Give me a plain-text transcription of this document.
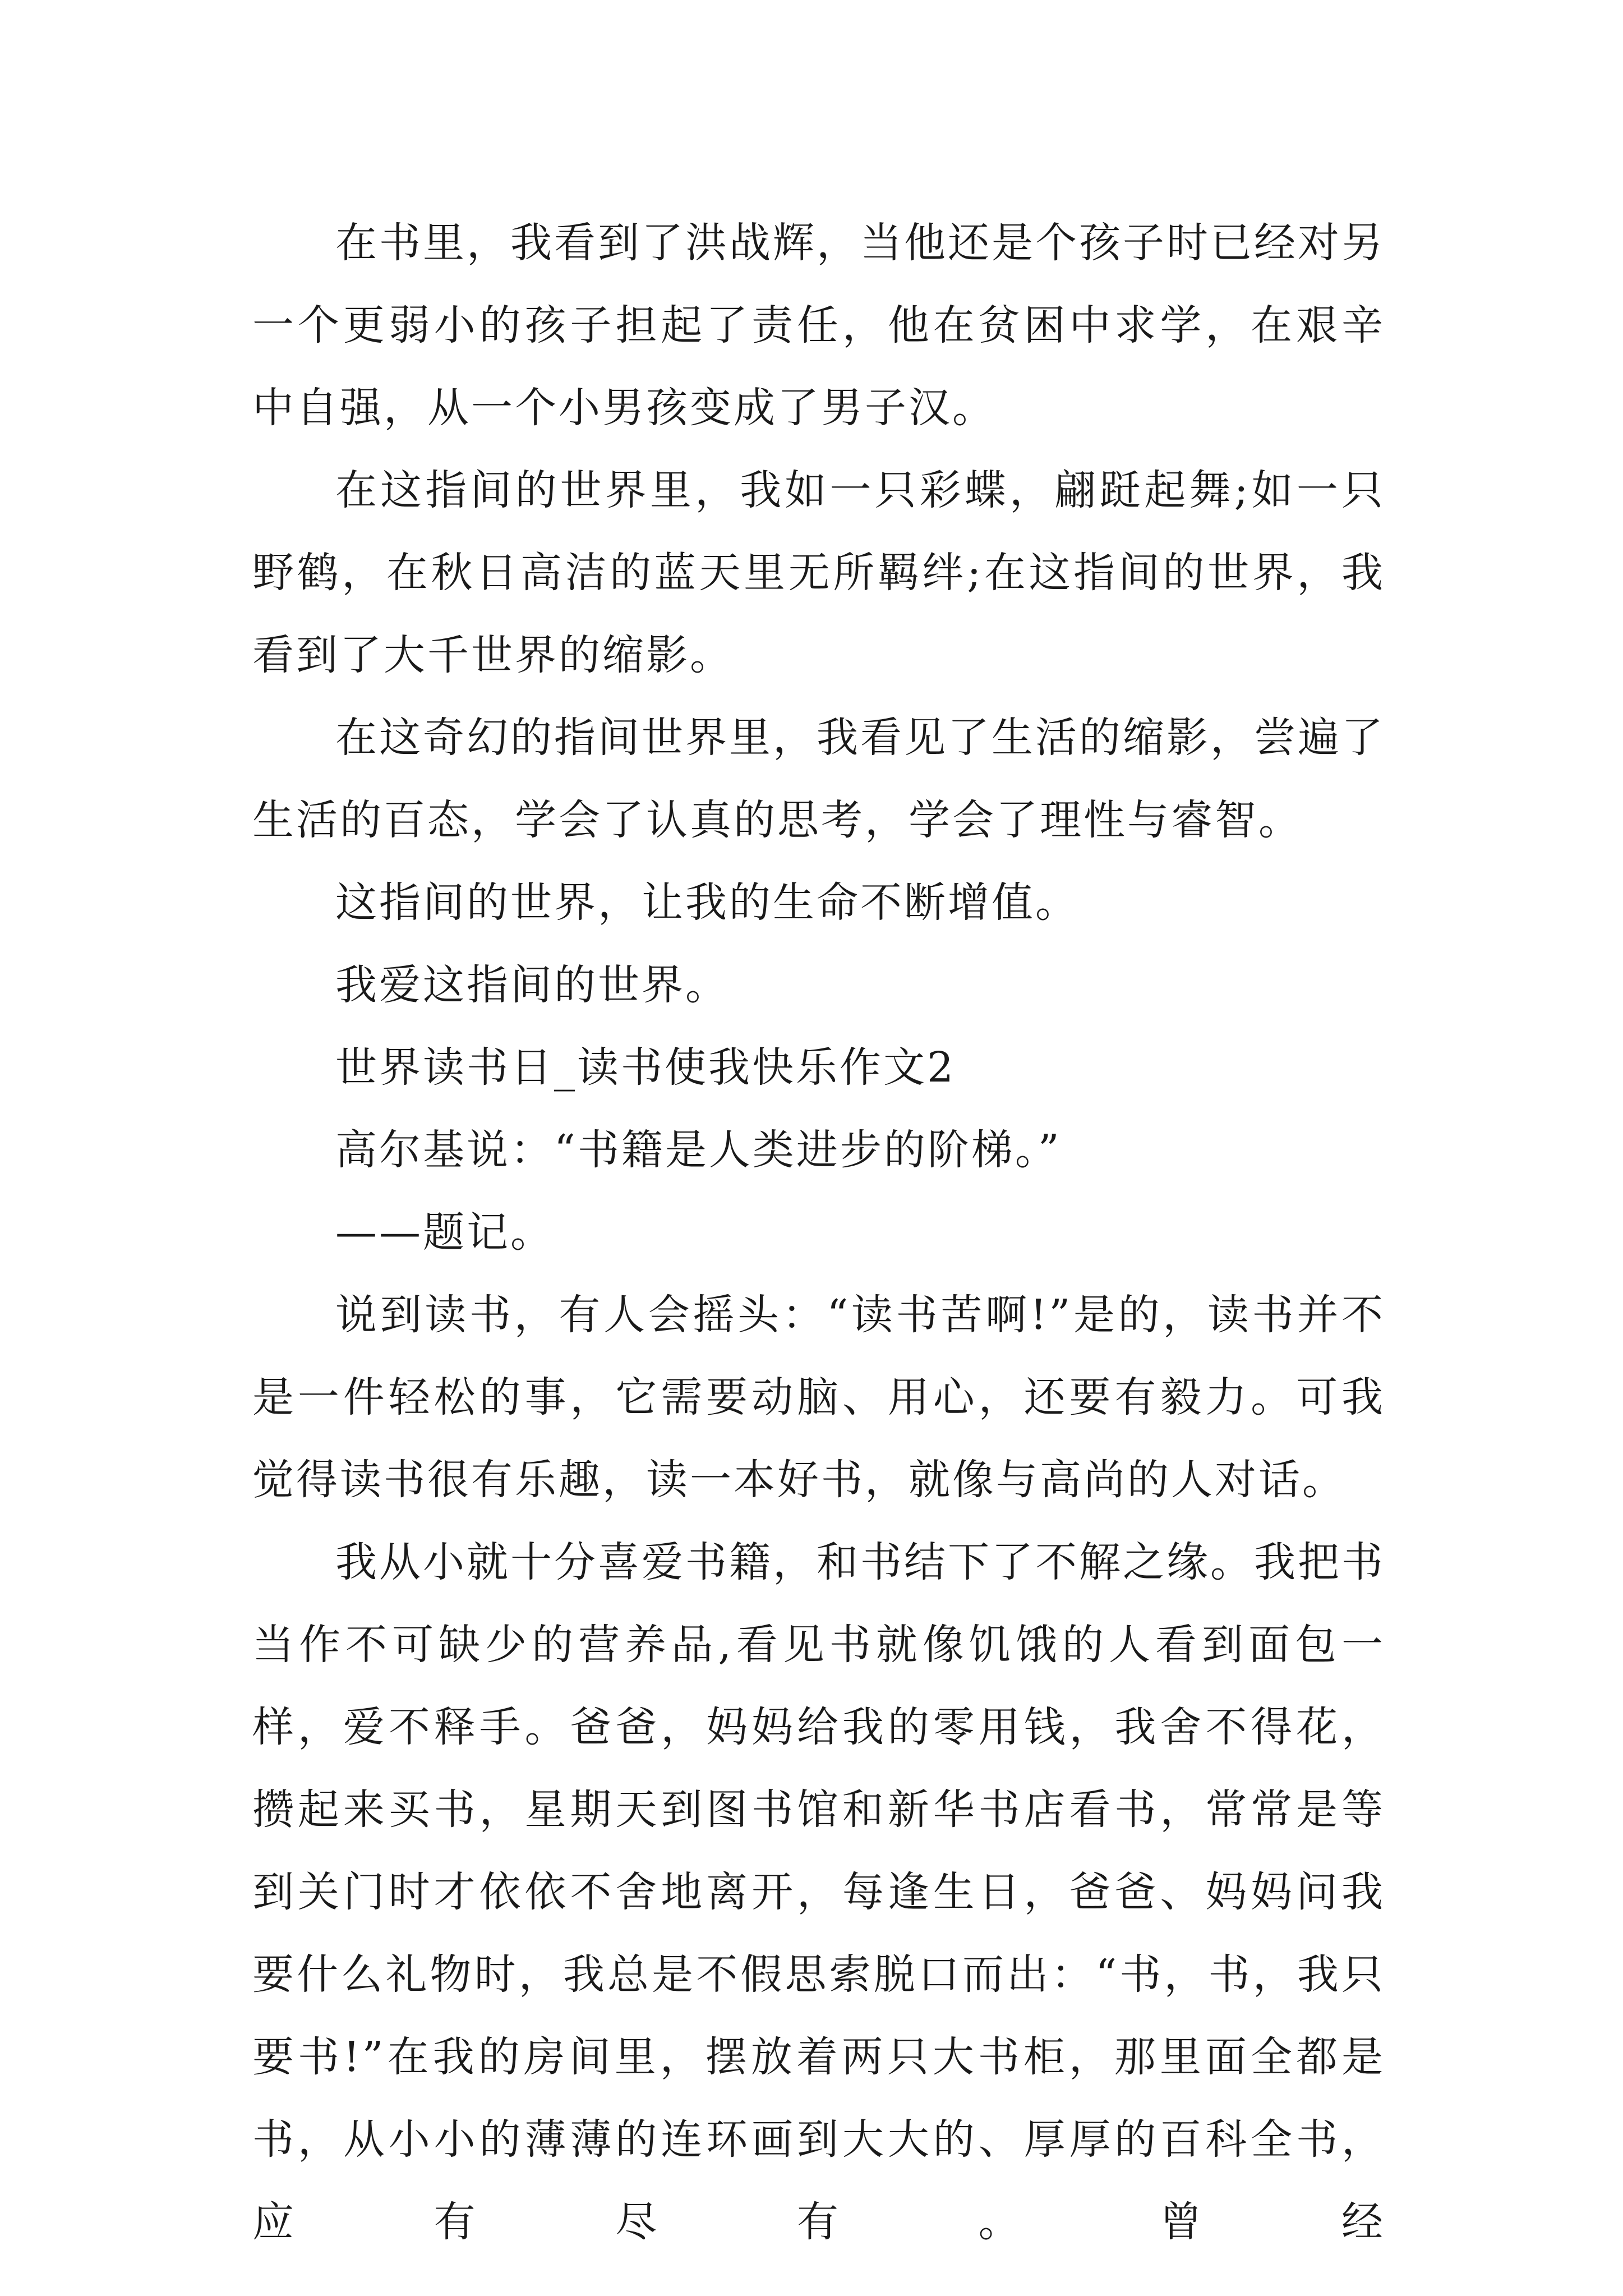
在书里，我看到了洪战辉，当他还是个孩子时已经对另一个更弱小的孩子担起了责任，他在贫困中求学，在艰辛中自强，从一个小男孩变成了男子汉。

在这指间的世界里，我如一只彩蝶，翩跹起舞;如一只野鹤，在秋日高洁的蓝天里无所羁绊;在这指间的世界，我看到了大千世界的缩影。

在这奇幻的指间世界里，我看见了生活的缩影，尝遍了生活的百态，学会了认真的思考，学会了理性与睿智。

这指间的世界，让我的生命不断增值。

我爱这指间的世界。

世界读书日_读书使我快乐作文2

高尔基说：“书籍是人类进步的阶梯。”

——题记。

说到读书，有人会摇头：“读书苦啊!”是的，读书并不是一件轻松的事，它需要动脑、用心，还要有毅力。可我觉得读书很有乐趣，读一本好书，就像与高尚的人对话。

我从小就十分喜爱书籍，和书结下了不解之缘。我把书当作不可缺少的营养品,看见书就像饥饿的人看到面包一样，爱不释手。爸爸，妈妈给我的零用钱，我舍不得花，攒起来买书，星期天到图书馆和新华书店看书，常常是等到关门时才依依不舍地离开，每逢生日，爸爸、妈妈问我要什么礼物时，我总是不假思索脱口而出：“书，书，我只要书!”在我的房间里，摆放着两只大书柜，那里面全都是书，从小小的薄薄的连环画到大大的、厚厚的百科全书，应有尽有。曾经
